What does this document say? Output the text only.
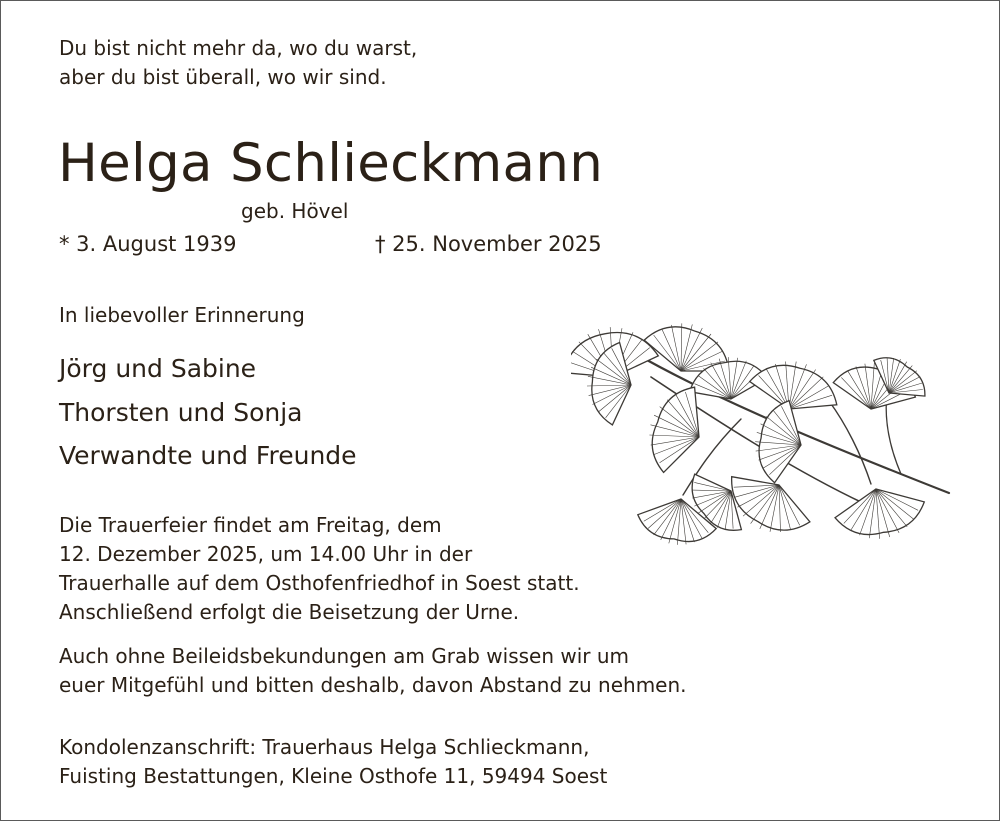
Du bist nicht mehr da, wo du warst,
aber du bist überall, wo wir sind.
Helga Schlieckmann
geb. Hövel
* 3. August 1939	† 25. November 2025
In liebevoller Erinnerung
Jörg und Sabine
Thorsten und Sonja
Verwandte und Freunde
Die Trauerfeier findet am Freitag, dem
12. Dezember 2025, um 14.00 Uhr in der
Trauerhalle auf dem Osthofenfriedhof in Soest statt.
Anschließend erfolgt die Beisetzung der Urne.
Auch ohne Beileidsbekundungen am Grab wissen wir um
euer Mitgefühl und bitten deshalb, davon Abstand zu nehmen.
Kondolenzanschrift: Trauerhaus Helga Schlieckmann,
Fuisting Bestattungen, Kleine Osthofe 11, 59494 Soest
